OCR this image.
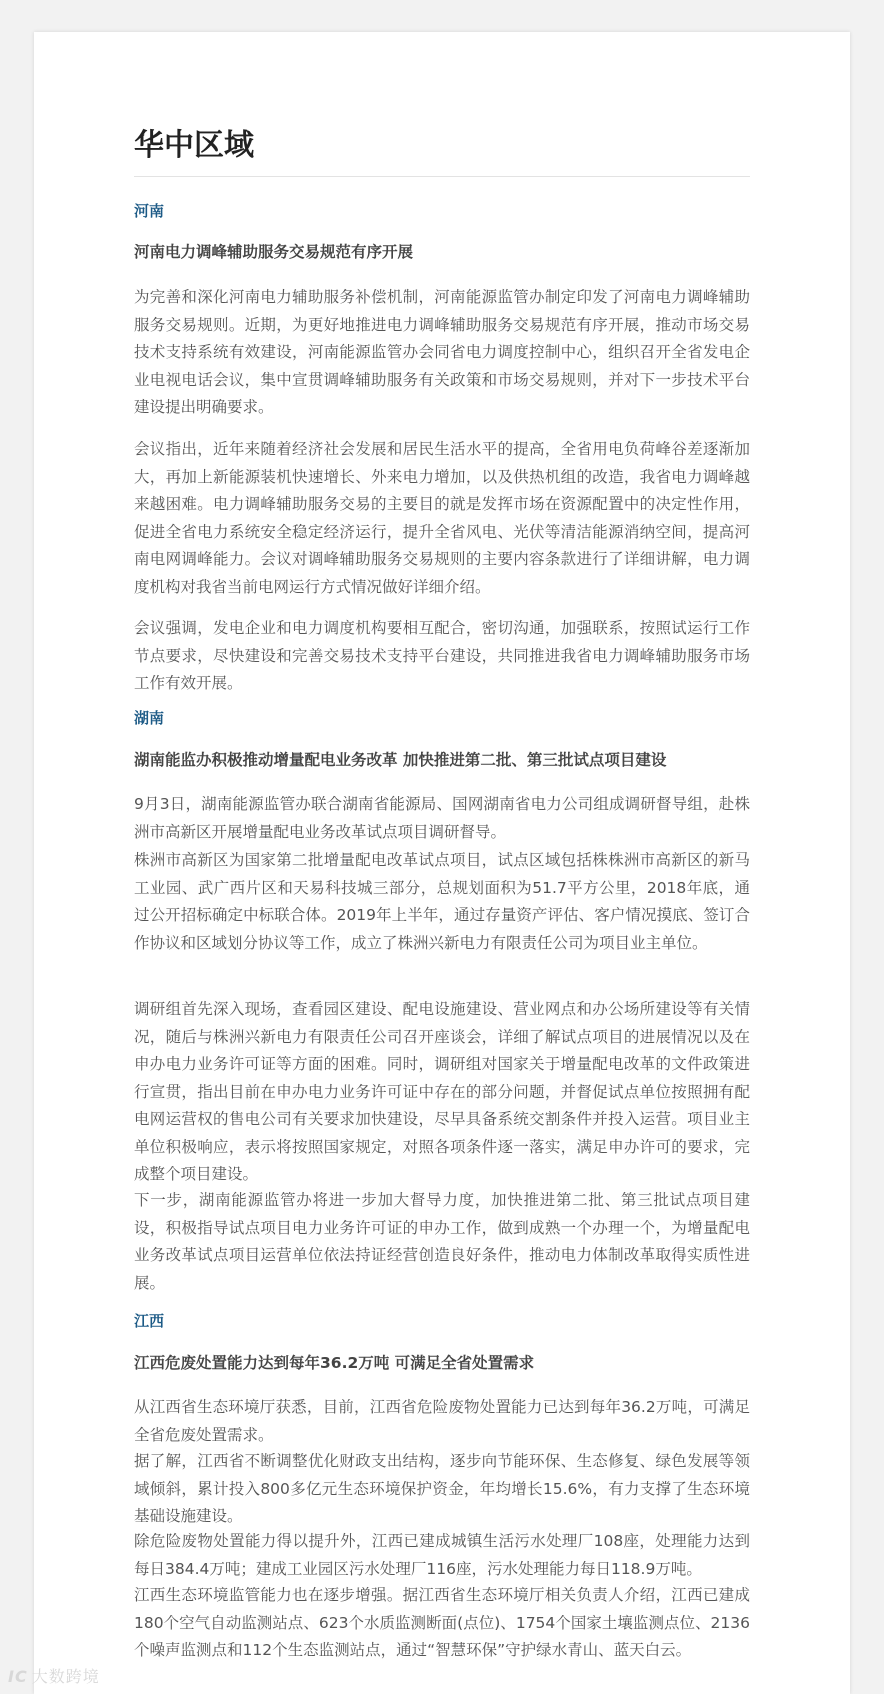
华中区域
河南
河南电力调峰辅助服务交易规范有序开展

为完善和深化河南电力辅助服务补偿机制，河南能源监管办制定印发了河南电力调峰辅助服务交易规则。近期，为更好地推进电力调峰辅助服务交易规范有序开展，推动市场交易技术支持系统有效建设，河南能源监管办会同省电力调度控制中心，组织召开全省发电企业电视电话会议，集中宣贯调峰辅助服务有关政策和市场交易规则，并对下一步技术平台建设提出明确要求。

会议指出，近年来随着经济社会发展和居民生活水平的提高，全省用电负荷峰谷差逐渐加大，再加上新能源装机快速增长、外来电力增加，以及供热机组的改造，我省电力调峰越来越困难。电力调峰辅助服务交易的主要目的就是发挥市场在资源配置中的决定性作用，促进全省电力系统安全稳定经济运行，提升全省风电、光伏等清洁能源消纳空间，提高河南电网调峰能力。会议对调峰辅助服务交易规则的主要内容条款进行了详细讲解，电力调度机构对我省当前电网运行方式情况做好详细介绍。

会议强调，发电企业和电力调度机构要相互配合，密切沟通，加强联系，按照试运行工作节点要求，尽快建设和完善交易技术支持平台建设，共同推进我省电力调峰辅助服务市场工作有效开展。

湖南
湖南能监办积极推动增量配电业务改革 加快推进第二批、第三批试点项目建设

9月3日，湖南能源监管办联合湖南省能源局、国网湖南省电力公司组成调研督导组，赴株洲市高新区开展增量配电业务改革试点项目调研督导。

株洲市高新区为国家第二批增量配电改革试点项目，试点区域包括株株洲市高新区的新马工业园、武广西片区和天易科技城三部分，总规划面积为51.7平方公里，2018年底，通过公开招标确定中标联合体。2019年上半年，通过存量资产评估、客户情况摸底、签订合作协议和区域划分协议等工作，成立了株洲兴新电力有限责任公司为项目业主单位。

调研组首先深入现场，查看园区建设、配电设施建设、营业网点和办公场所建设等有关情况，随后与株洲兴新电力有限责任公司召开座谈会，详细了解试点项目的进展情况以及在申办电力业务许可证等方面的困难。同时，调研组对国家关于增量配电改革的文件政策进行宣贯，指出目前在申办电力业务许可证中存在的部分问题，并督促试点单位按照拥有配电网运营权的售电公司有关要求加快建设，尽早具备系统交割条件并投入运营。项目业主单位积极响应，表示将按照国家规定，对照各项条件逐一落实，满足申办许可的要求，完成整个项目建设。

下一步，湖南能源监管办将进一步加大督导力度，加快推进第二批、第三批试点项目建设，积极指导试点项目电力业务许可证的申办工作，做到成熟一个办理一个，为增量配电业务改革试点项目运营单位依法持证经营创造良好条件，推动电力体制改革取得实质性进展。

江西
江西危废处置能力达到每年36.2万吨 可满足全省处置需求

从江西省生态环境厅获悉，目前，江西省危险废物处置能力已达到每年36.2万吨，可满足全省危废处置需求。

据了解，江西省不断调整优化财政支出结构，逐步向节能环保、生态修复、绿色发展等领域倾斜，累计投入800多亿元生态环境保护资金，年均增长15.6%，有力支撑了生态环境基础设施建设。

除危险废物处置能力得以提升外，江西已建成城镇生活污水处理厂108座，处理能力达到每日384.4万吨；建成工业园区污水处理厂116座，污水处理能力每日118.9万吨。

江西生态环境监管能力也在逐步增强。据江西省生态环境厅相关负责人介绍，江西已建成180个空气自动监测站点、623个水质监测断面(点位)、1754个国家土壤监测点位、2136个噪声监测点和112个生态监测站点，通过“智慧环保”守护绿水青山、蓝天白云。

IC 大数跨境
